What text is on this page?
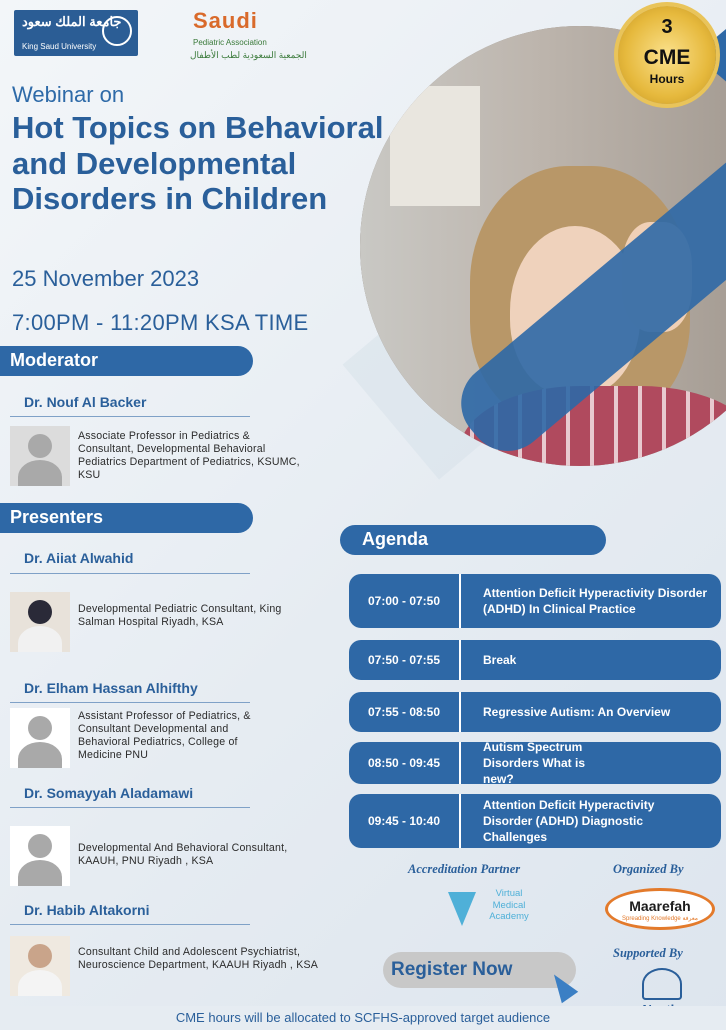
جامعة الملك سعود
King Saud University
Saudi
Pediatric Association
الجمعية السعودية لطب الأطفال
3
CME
Hours
Webinar on
Hot Topics on Behavioral and Developmental Disorders in Children
25 November 2023
7:00PM - 11:20PM KSA TIME
Moderator
Dr. Nouf Al Backer
Associate Professor in Pediatrics & Consultant, Developmental Behavioral Pediatrics Department of Pediatrics, KSUMC, KSU
Presenters
Dr. Aiiat Alwahid
Developmental Pediatric Consultant, King Salman Hospital Riyadh, KSA
Dr. Elham Hassan Alhifthy
Assistant Professor of Pediatrics, & Consultant Developmental and Behavioral Pediatrics, College of Medicine PNU
Dr. Somayyah Aladamawi
Developmental And Behavioral Consultant, KAAUH, PNU Riyadh , KSA
Dr. Habib Altakorni
Consultant Child and Adolescent Psychiatrist, Neuroscience Department, KAAUH Riyadh , KSA
Agenda
07:00 - 07:50
Attention Deficit Hyperactivity Disorder (ADHD) In Clinical Practice
07:50 - 07:55	Break
07:55 - 08:50	Regressive Autism: An Overview
08:50 - 09:45
Autism Spectrum Disorders What is new?
09:45 - 10:40
Attention Deficit Hyperactivity Disorder (ADHD) Diagnostic Challenges
Accreditation Partner	Organized By
Virtual Medical Academy
Maarefah
Spreading Knowledge معرفة
Supported By
Register Now
CME hours will be allocated to SCFHS-approved target audience
